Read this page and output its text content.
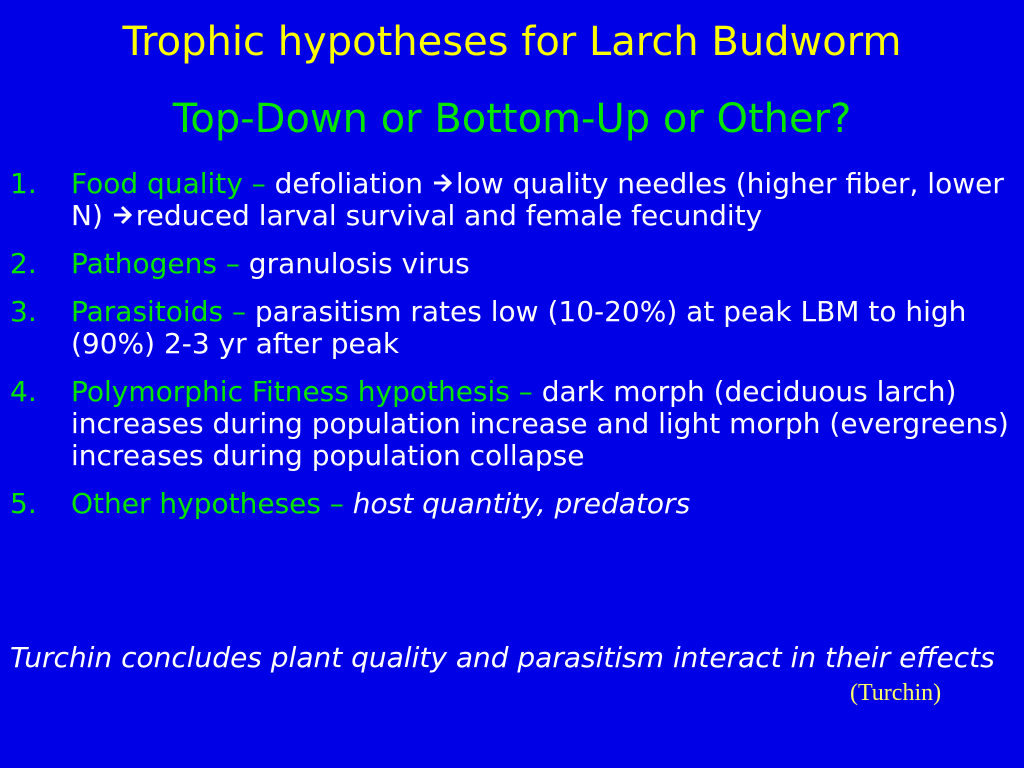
Trophic hypotheses for Larch Budworm
Top-Down or Bottom-Up or Other?
1. Food quality – defoliation low quality needles (higher fiber, lower N) reduced larval survival and female fecundity
2. Pathogens – granulosis virus
3. Parasitoids – parasitism rates low (10-20%) at peak LBM to high (90%) 2-3 yr after peak
4. Polymorphic Fitness hypothesis – dark morph (deciduous larch) increases during population increase and light morph (evergreens) increases during population collapse
5. Other hypotheses – host quantity, predators
Turchin concludes plant quality and parasitism interact in their effects
(Turchin)
